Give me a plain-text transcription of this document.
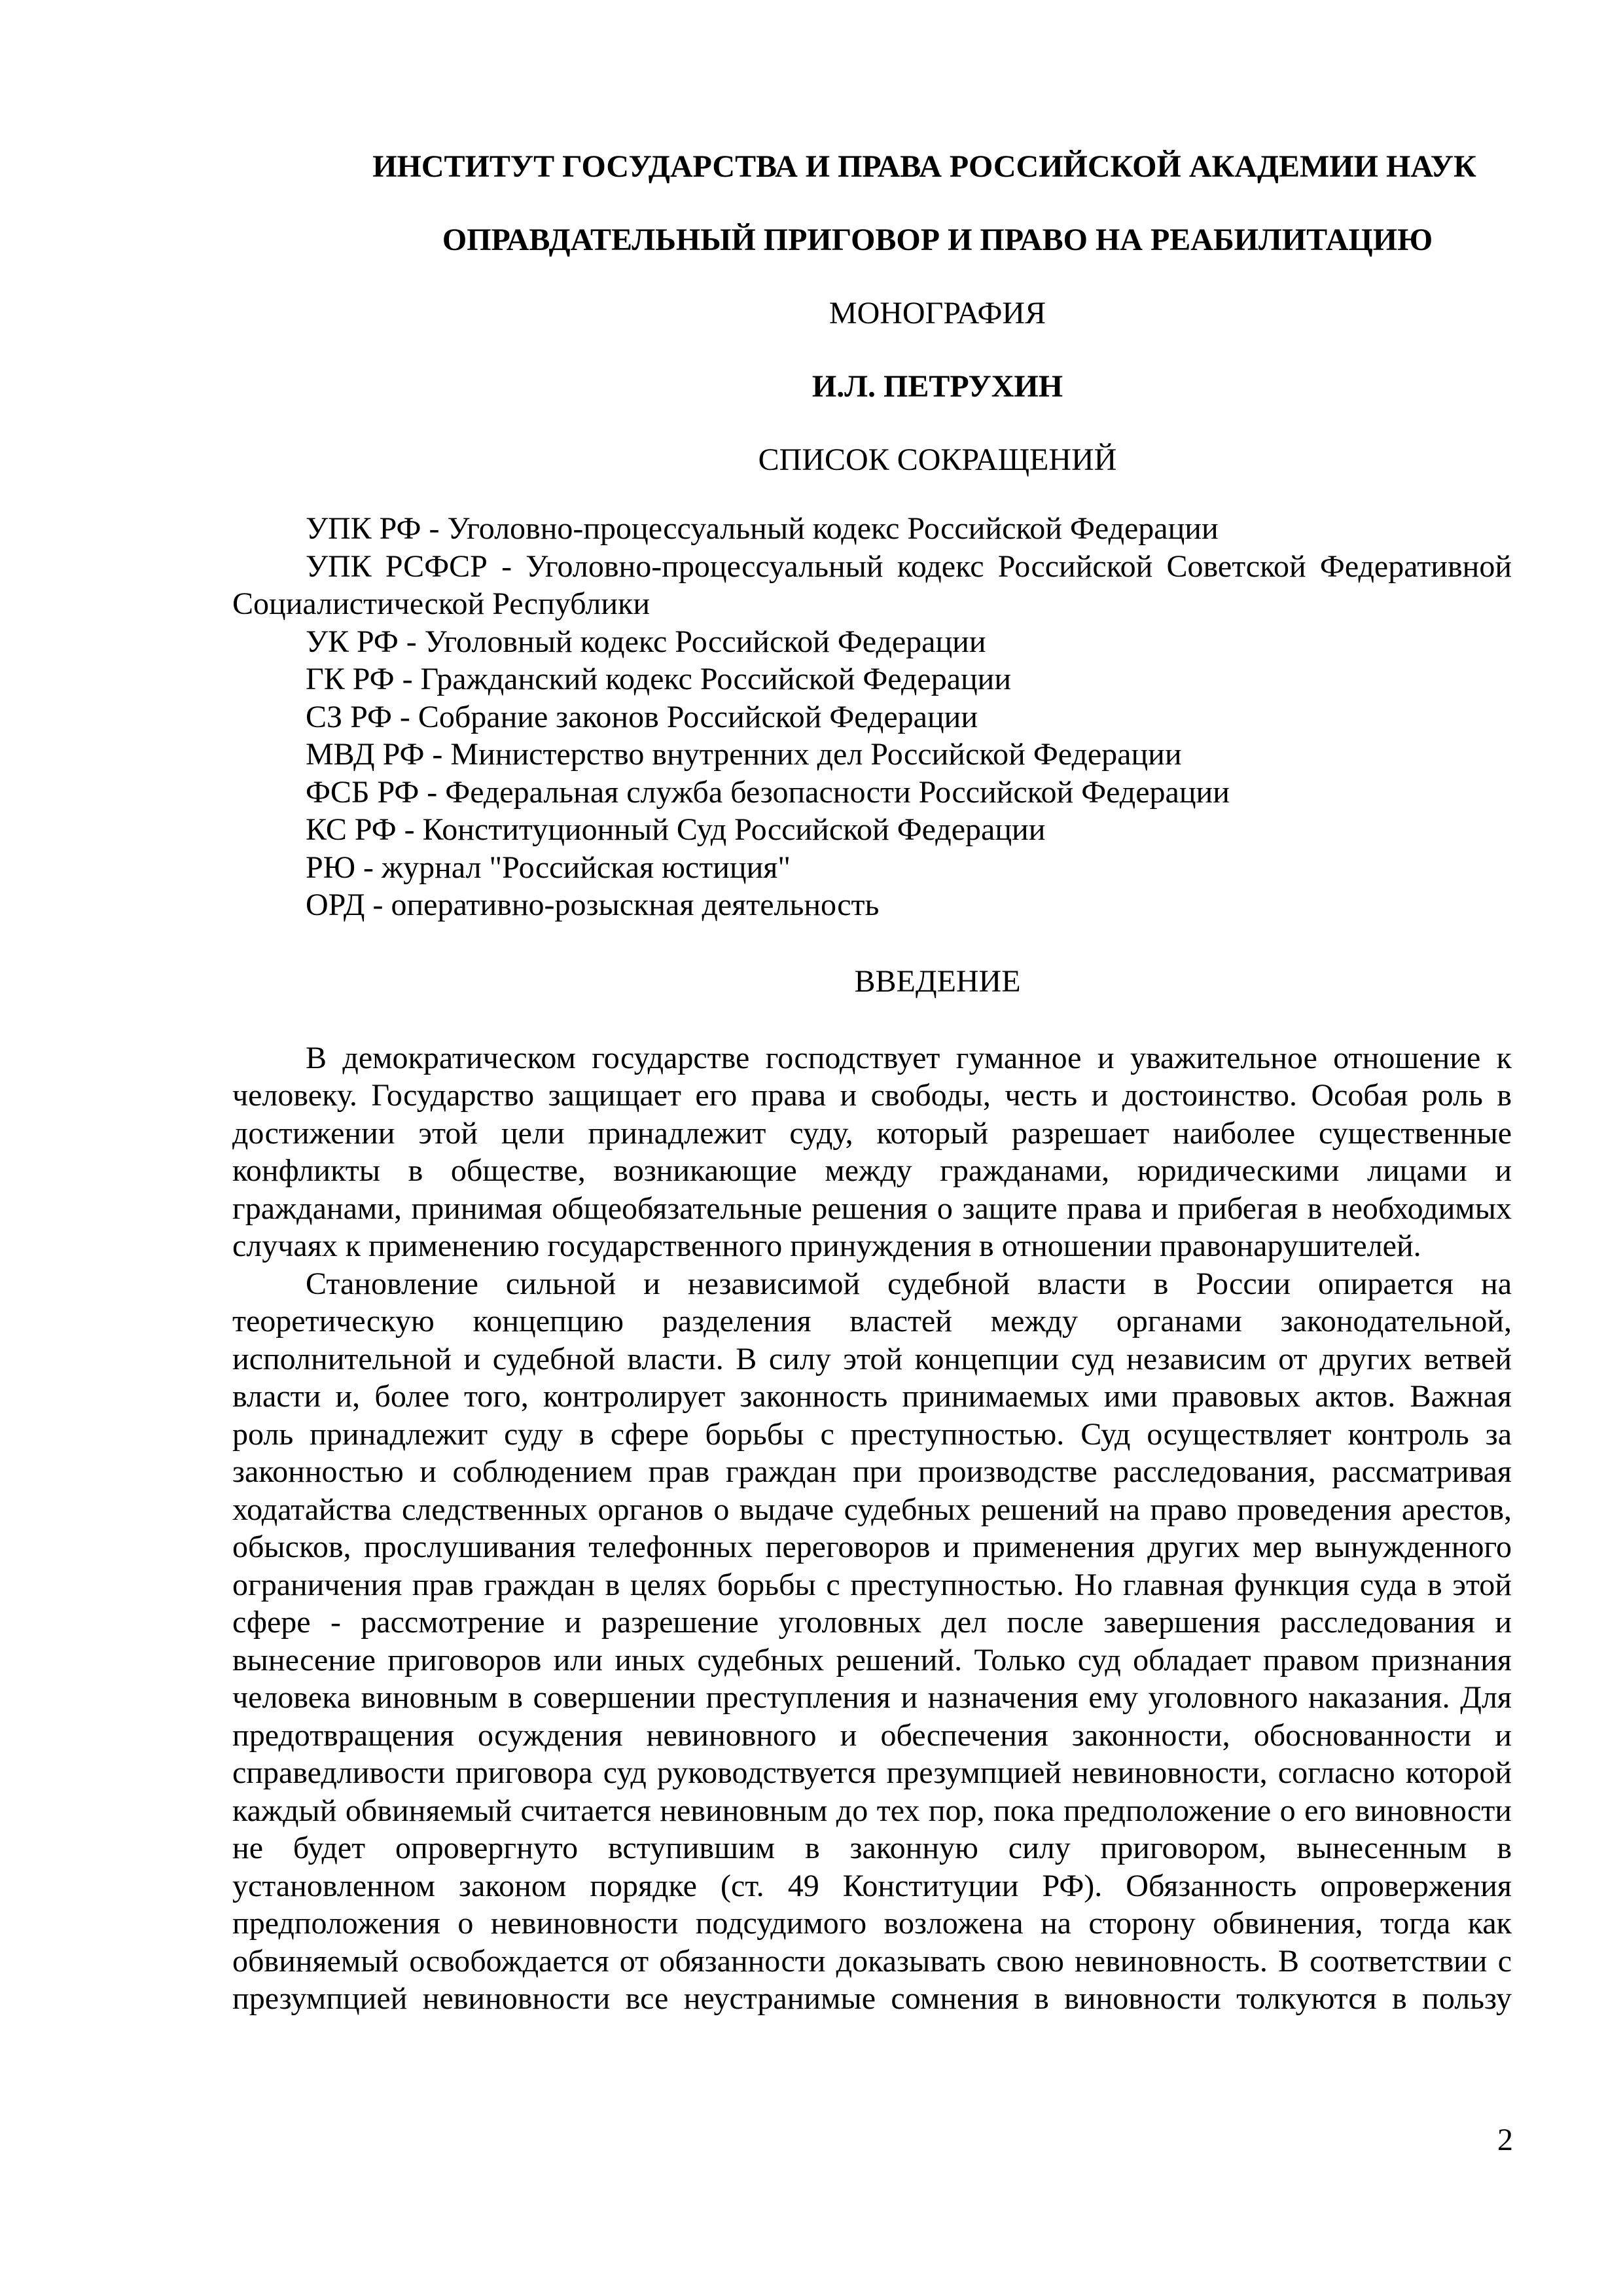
ИНСТИТУТ ГОСУДАРСТВА И ПРАВА РОССИЙСКОЙ АКАДЕМИИ НАУК
ОПРАВДАТЕЛЬНЫЙ ПРИГОВОР И ПРАВО НА РЕАБИЛИТАЦИЮ
МОНОГРАФИЯ
И.Л. ПЕТРУХИН
СПИСОК СОКРАЩЕНИЙ
УПК РФ - Уголовно-процессуальный кодекс Российской Федерации
УПК РСФСР - Уголовно-процессуальный кодекс Российской Советской Федеративной Социалистической Республики
УК РФ - Уголовный кодекс Российской Федерации
ГК РФ - Гражданский кодекс Российской Федерации
СЗ РФ - Собрание законов Российской Федерации
МВД РФ - Министерство внутренних дел Российской Федерации
ФСБ РФ - Федеральная служба безопасности Российской Федерации
КС РФ - Конституционный Суд Российской Федерации
РЮ - журнал "Российская юстиция"
ОРД - оперативно-розыскная деятельность
ВВЕДЕНИЕ

В демократическом государстве господствует гуманное и уважительное отношение к человеку. Государство защищает его права и свободы, честь и достоинство. Особая роль в достижении этой цели принадлежит суду, который разрешает наиболее существенные конфликты в обществе, возникающие между гражданами, юридическими лицами и гражданами, принимая общеобязательные решения о защите права и прибегая в необходимых случаях к применению государственного принуждения в отношении правонарушителей.

Становление сильной и независимой судебной власти в России опирается на теоретическую концепцию разделения властей между органами законодательной, исполнительной и судебной власти. В силу этой концепции суд независим от других ветвей власти и, более того, контролирует законность принимаемых ими правовых актов. Важная роль принадлежит суду в сфере борьбы с преступностью. Суд осуществляет контроль за законностью и соблюдением прав граждан при производстве расследования, рассматривая ходатайства следственных органов о выдаче судебных решений на право проведения арестов, обысков, прослушивания телефонных переговоров и применения других мер вынужденного ограничения прав граждан в целях борьбы с преступностью. Но главная функция суда в этой сфере - рассмотрение и разрешение уголовных дел после завершения расследования и вынесение приговоров или иных судебных решений. Только суд обладает правом признания человека виновным в совершении преступления и назначения ему уголовного наказания. Для предотвращения осуждения невиновного и обеспечения законности, обоснованности и справедливости приговора суд руководствуется презумпцией невиновности, согласно которой каждый обвиняемый считается невиновным до тех пор, пока предположение о его виновности не будет опровергнуто вступившим в законную силу приговором, вынесенным в установленном законом порядке (ст. 49 Конституции РФ). Обязанность опровержения предположения о невиновности подсудимого возложена на сторону обвинения, тогда как обвиняемый освобождается от обязанности доказывать свою невиновность. В соответствии с презумпцией невиновности все неустранимые сомнения в виновности толкуются в пользу

2
